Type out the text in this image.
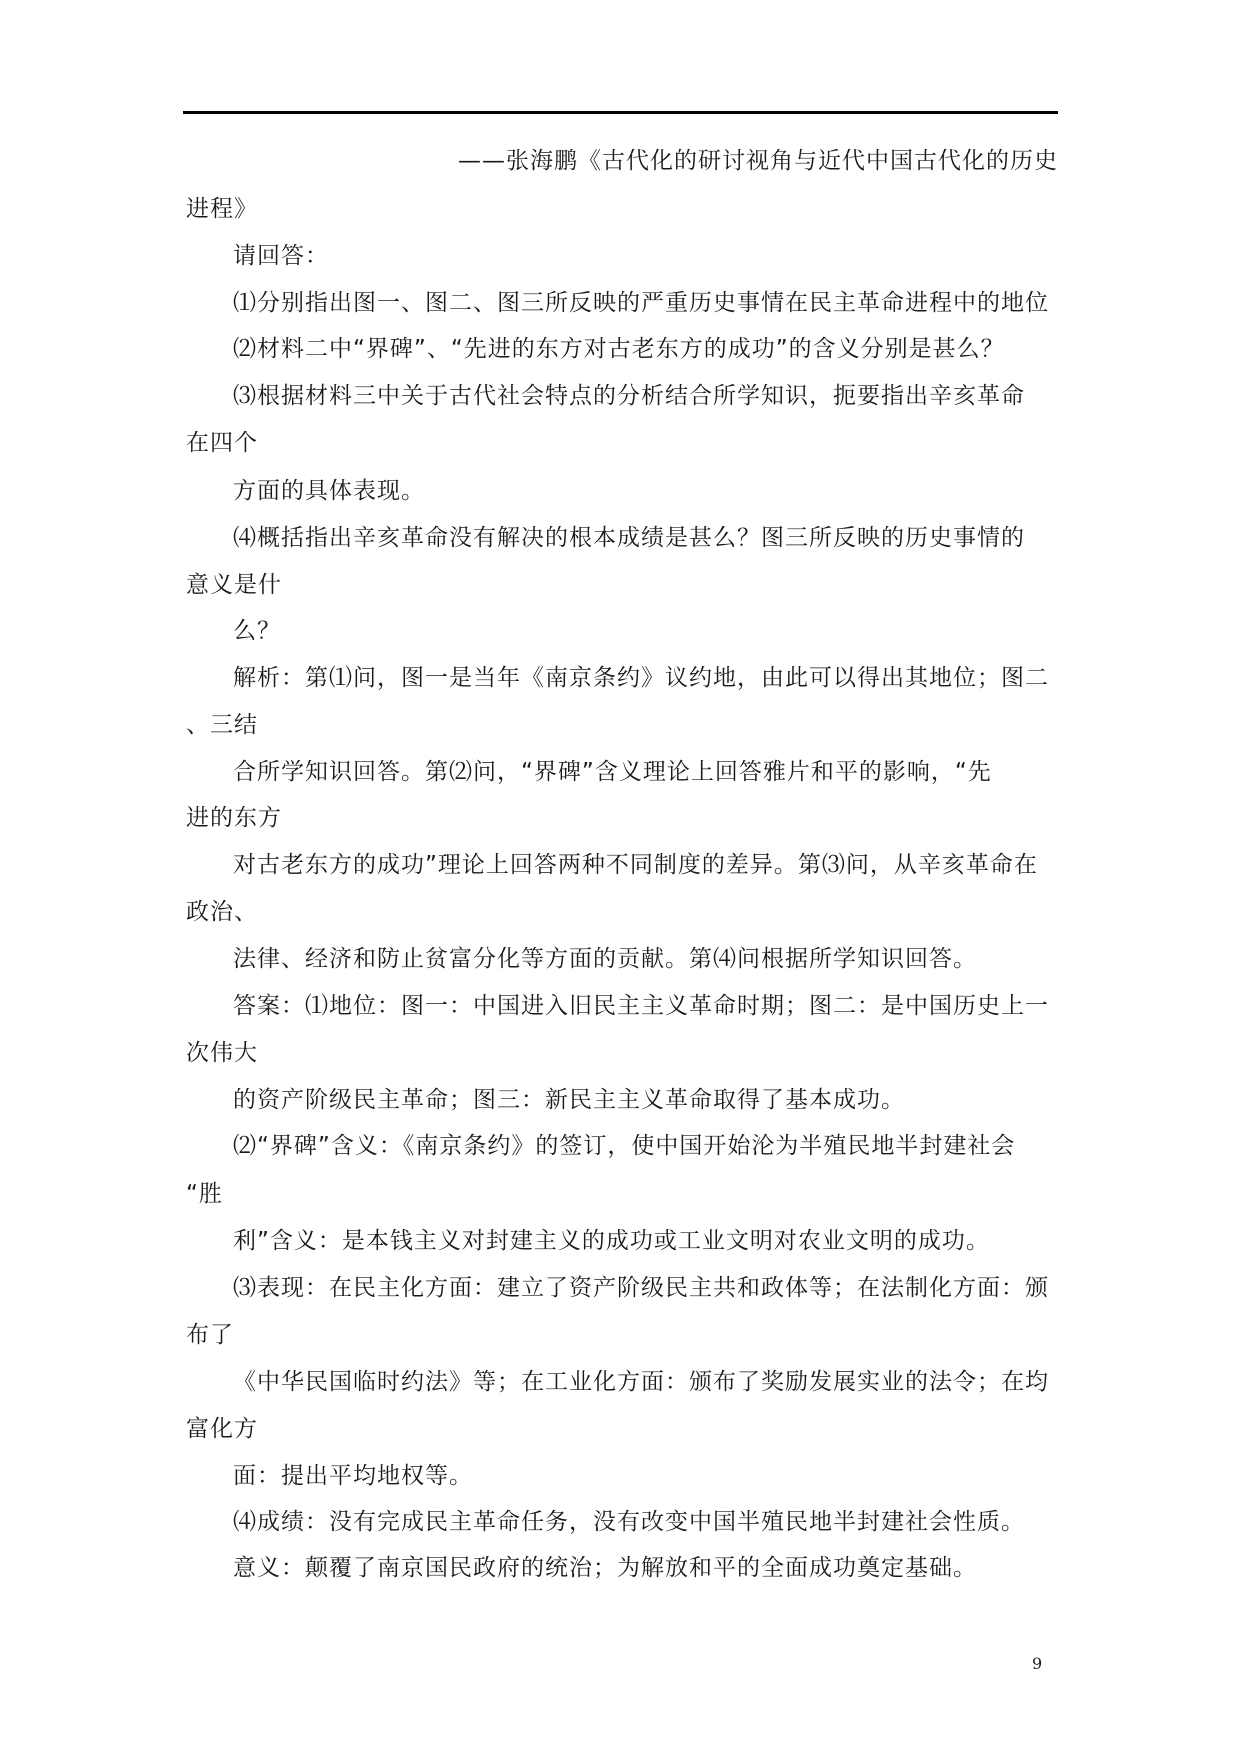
——张海鹏《古代化的研讨视角与近代中国古代化的历史
进程》
请回答：
⑴分别指出图一、图二、图三所反映的严重历史事情在民主革命进程中的地位
⑵材料二中“界碑”、“先进的东方对古老东方的成功”的含义分别是甚么？
⑶根据材料三中关于古代社会特点的分析结合所学知识，扼要指出辛亥革命
在四个
方面的具体表现。
⑷概括指出辛亥革命没有解决的根本成绩是甚么？图三所反映的历史事情的
意义是什
么？
解析：第⑴问，图一是当年《南京条约》议约地，由此可以得出其地位；图二
、三结
合所学知识回答。第⑵问，“界碑”含义理论上回答雅片和平的影响，“先
进的东方
对古老东方的成功”理论上回答两种不同制度的差异。第⑶问，从辛亥革命在
政治、
法律、经济和防止贫富分化等方面的贡献。第⑷问根据所学知识回答。
答案：⑴地位：图一：中国进入旧民主主义革命时期；图二：是中国历史上一
次伟大
的资产阶级民主革命；图三：新民主主义革命取得了基本成功。
⑵“界碑”含义：《南京条约》的签订，使中国开始沦为半殖民地半封建社会
“胜
利”含义：是本钱主义对封建主义的成功或工业文明对农业文明的成功。
⑶表现：在民主化方面：建立了资产阶级民主共和政体等；在法制化方面：颁
布了
《中华民国临时约法》等；在工业化方面：颁布了奖励发展实业的法令；在均
富化方
面：提出平均地权等。
⑷成绩：没有完成民主革命任务，没有改变中国半殖民地半封建社会性质。
意义：颠覆了南京国民政府的统治；为解放和平的全面成功奠定基础。
9
